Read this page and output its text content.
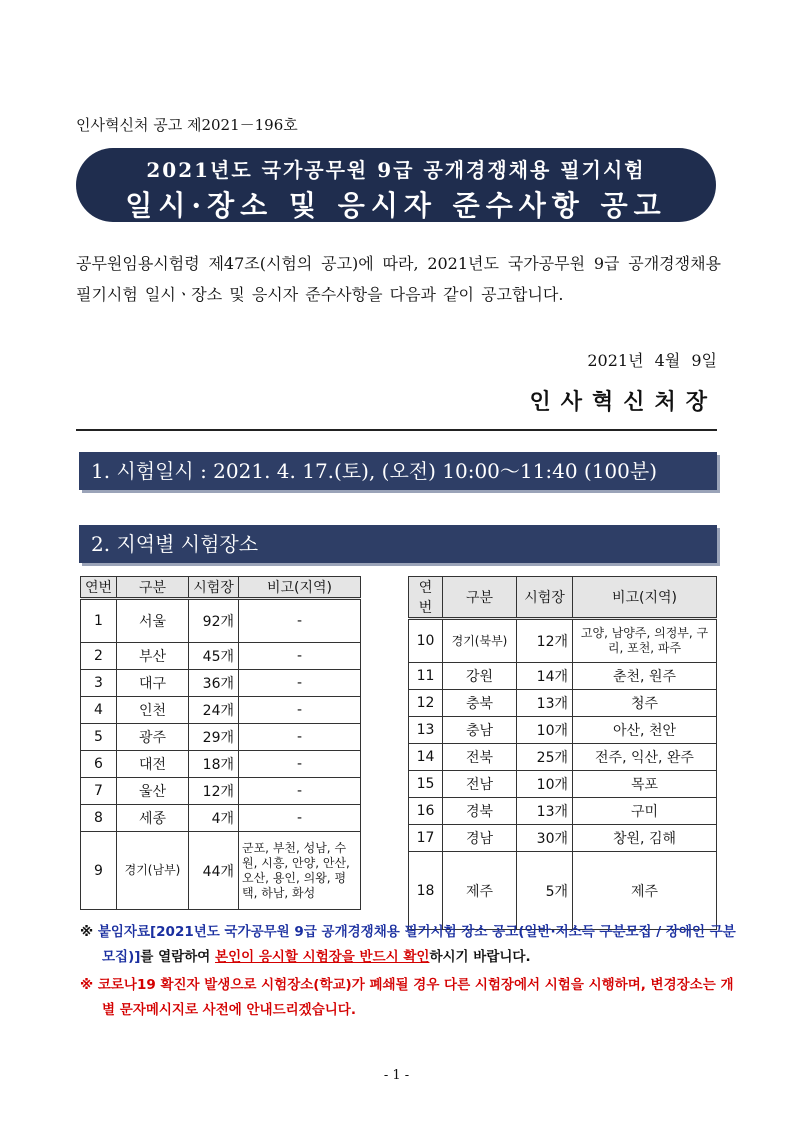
인사혁신처 공고 제2021－196호
2021년도 국가공무원 9급 공개경쟁채용 필기시험
일시·장소 및 응시자 준수사항 공고
공무원임용시험령 제47조(시험의 공고)에 따라, 2021년도 국가공무원 9급 공개경쟁채용 필기시험 일시ㆍ장소 및 응시자 준수사항을 다음과 같이 공고합니다.
2021년 4월 9일
인사혁신처장
1. 시험일시 : 2021. 4. 17.(토), (오전) 10:00～11:40 (100분)
2. 지역별 시험장소
연번	구분	시험장	비고(지역)
1	서울	92개	-
2	부산	45개	-
3	대구	36개	-
4	인천	24개	-
5	광주	29개	-
6	대전	18개	-
7	울산	12개	-
8	세종	4개	-
9	경기(남부)	44개	군포, 부천, 성남, 수원, 시흥, 안양, 안산, 오산, 용인, 의왕, 평택, 하남, 화성
연번	구분	시험장	비고(지역)
10	경기(북부)	12개	고양, 남양주, 의정부, 구리, 포천, 파주
11	강원	14개	춘천, 원주
12	충북	13개	청주
13	충남	10개	아산, 천안
14	전북	25개	전주, 익산, 완주
15	전남	10개	목포
16	경북	13개	구미
17	경남	30개	창원, 김해
18	제주	5개	제주
※ 붙임자료[2021년도 국가공무원 9급 공개경쟁채용 필기시험 장소 공고(일반·저소득 구분모집 / 장애인 구분모집)]를 열람하여 본인이 응시할 시험장을 반드시 확인하시기 바랍니다.
※ 코로나19 확진자 발생으로 시험장소(학교)가 폐쇄될 경우 다른 시험장에서 시험을 시행하며, 변경장소는 개별 문자메시지로 사전에 안내드리겠습니다.
- 1 -
